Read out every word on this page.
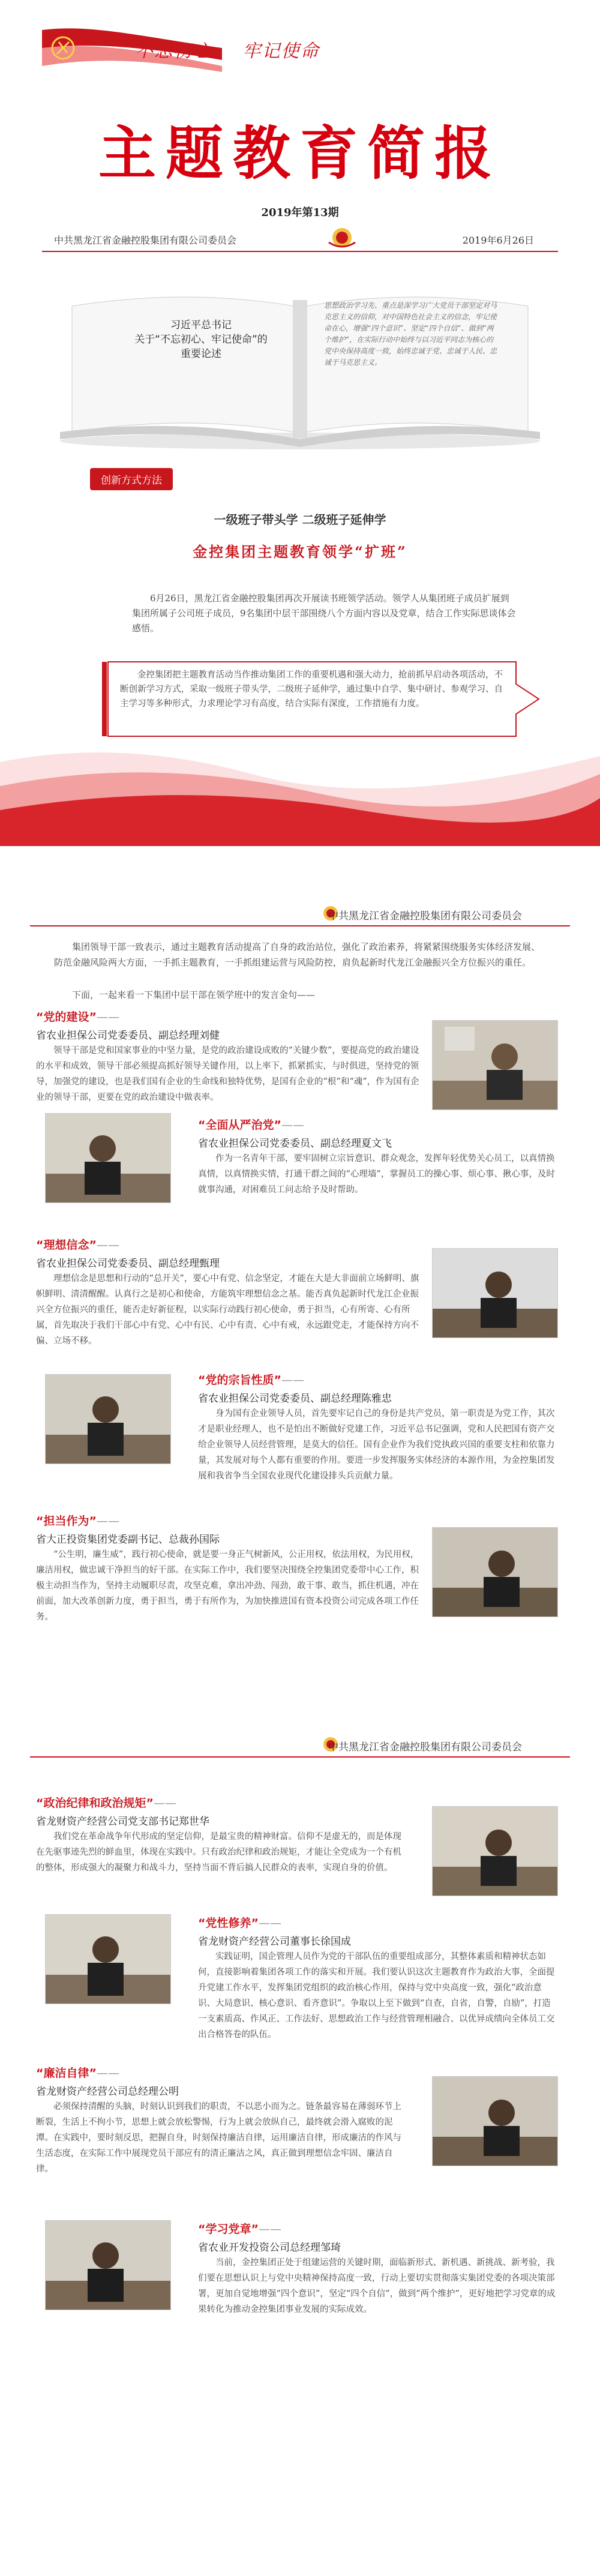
不忘初心 牢记使命
主题教育简报
2019年第13期
中共黑龙江省金融控股集团有限公司委员会	2019年6月26日
习近平总书记
关于“不忘初心、牢记使命”的
重要论述
思想政治学习先、重点是深学习广大党员干部坚定对马克思主义的信仰，对中国特色社会主义的信念，牢记使命在心，增强“四个意识”、坚定“四个自信”、做到“两个维护”，在实际行动中始终与以习近平同志为核心的党中央保持高度一致，始终忠诚于党、忠诚于人民、忠诚于马克思主义。
创新方式方法
一级班子带头学 二级班子延伸学
金控集团主题教育领学“扩班”
6月26日，黑龙江省金融控股集团再次开展读书班领学活动。领学人从集团班子成员扩展到集团所属子公司班子成员，9名集团中层干部围绕八个方面内容以及党章，结合工作实际思谈体会感悟。
金控集团把主题教育活动当作推动集团工作的重要机遇和强大动力，抢前抓早启动各项活动，不断创新学习方式，采取一级班子带头学，二级班子延伸学，通过集中自学、集中研讨、参观学习、自主学习等多种形式，力求理论学习有高度，结合实际有深度，工作措施有力度。
中共黑龙江省金融控股集团有限公司委员会
集团领导干部一致表示，通过主题教育活动提高了自身的政治站位，强化了政治素养，将紧紧围绕服务实体经济发展、防范金融风险两大方面，一手抓主题教育，一手抓组建运营与风险防控，肩负起新时代龙江金融振兴全方位振兴的重任。
下面，一起来看一下集团中层干部在领学班中的发言金句——
“党的建设”——
省农业担保公司党委委员、副总经理刘健
领导干部是党和国家事业的中坚力量，是党的政治建设成败的“关键少数”，要提高党的政治建设的水平和成效，领导干部必须提高抓好领导关键作用，以上率下，抓紧抓实，与时俱进，坚持党的领导，加强党的建设，也是我们国有企业的生命线和独特优势，是国有企业的“根”和“魂”，作为国有企业的领导干部，更要在党的政治建设中做表率。
“全面从严治党”——
省农业担保公司党委委员、副总经理夏文飞
作为一名青年干部，要牢固树立宗旨意识、群众观念，发挥年轻优势关心员工，以真情换真情，以真情换实情，打通干群之间的“心理墙”，掌握员工的操心事、烦心事、揪心事，及时就事沟通，对困难员工问志给予及时帮助。
“理想信念”——
省农业担保公司党委委员、副总经理甄理
理想信念是思想和行动的“总开关”，要心中有党、信念坚定，才能在大是大非面前立场鲜明、旗帜鲜明、清清醒醒。认真行之是初心和使命，方能筑牢理想信念之基。能否真负起新时代龙江企业振兴全方位振兴的重任，能否走好新征程，以实际行动践行初心使命，勇于担当，心有所寄、心有所属，首先取决于我们干部心中有党、心中有民、心中有责、心中有戒，永远跟党走，才能保持方向不偏、立场不移。
“党的宗旨性质”——
省农业担保公司党委委员、副总经理陈雅忠
身为国有企业领导人员，首先要牢记自己的身份是共产党员，第一职责是为党工作，其次才是职业经理人，也不是怕出不断做好党建工作，习近平总书记强调，党和人民把国有资产交给企业领导人员经营管理，是莫大的信任。国有企业作为我们党执政兴国的重要支柱和依靠力量，其发展对每个人都有重要的作用。要进一步发挥服务实体经济的本源作用，为金控集团发展和我省争当全国农业现代化建设排头兵贡献力量。
“担当作为”——
省大正投资集团党委副书记、总裁孙国际
“公生明，廉生威”，践行初心使命，就是要一身正气树新风，公正用权，依法用权，为民用权，廉洁用权，做忠诚干净担当的好干部。在实际工作中，我们要坚决围绕全控集团党委带中心工作，积极主动担当作为，坚持主动履职尽责，攻坚克难，拿出冲劲、闯劲，敢干事、敢当，抓住机遇，冲在前面，加大改革创新力度，勇于担当，勇于有所作为，为加快推进国有资本投资公司完成各项工作任务。
中共黑龙江省金融控股集团有限公司委员会
“政治纪律和政治规矩”——
省龙财资产经营公司党支部书记郑世华
我们党在革命战争年代形成的坚定信仰，是最宝贵的精神财富。信仰不是虚无的，而是体现在先驱事迹先烈的鲜血里，体现在实践中。只有政治纪律和政治规矩，才能让全党成为一个有机的整体，形成强大的凝聚力和战斗力，坚持当面不背后搞人民群众的表率，实现自身的价值。
“党性修养”——
省龙财资产经营公司董事长徐国成
实践证明，国企管理人员作为党的干部队伍的重要组成部分，其整体素质和精神状态如何，直接影响着集团各项工作的落实和开展。我们要认识这次主题教育作为政治大事，全面提升党建工作水平，发挥集团党组织的政治核心作用，保持与党中央高度一致，强化“政治意识、大局意识、核心意识、看齐意识”。争取以上至下做到“自查，自省，自警，自励”，打造一支素质高、作风正、工作法好、思想政治工作与经营管理相融合、以优异成绩向全体员工交出合格答卷的队伍。
“廉洁自律”——
省龙财资产经营公司总经理公明
必须保持清醒的头脑，时刻认识到我们的职责，不以恶小而为之。链条最容易在薄弱环节上断裂，生活上不拘小节，思想上就会放松警惕，行为上就会放纵自己，最终就会滑入腐败的泥潭。在实践中，要时刻反思，把握自身，时刻保持廉洁自律，运用廉洁自律，形成廉洁的作风与生活态度，在实际工作中展现党员干部应有的清正廉洁之风，真正做到理想信念牢固、廉洁自律。
“学习党章”——
省农业开发投资公司总经理邹琦
当前，金控集团正处于组建运营的关键时期，面临新形式、新机遇、新挑战、新考验，我们要在思想认识上与党中央精神保持高度一致，行动上要切实贯彻落实集团党委的各项决策部署，更加自觉地增强“四个意识”，坚定“四个自信”，做到“两个维护”，更好地把学习党章的成果转化为推动金控集团事业发展的实际成效。
